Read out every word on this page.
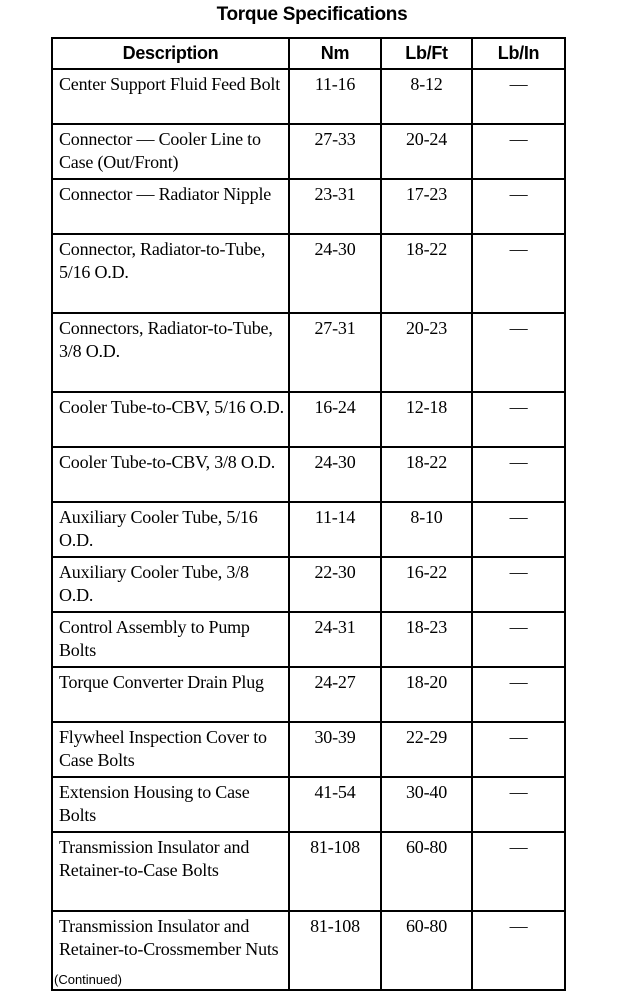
Torque Specifications
Description	Nm	Lb/Ft	Lb/In
Center Support Fluid Feed Bolt	11-16	8-12	—
Connector — Cooler Line to Case (Out/Front)	27-33	20-24	—
Connector — Radiator Nipple	23-31	17-23	—
Connector, Radiator-to-Tube, 5/16 O.D.	24-30	18-22	—
Connectors, Radiator-to-Tube, 3/8 O.D.	27-31	20-23	—
Cooler Tube-to-CBV, 5/16 O.D.	16-24	12-18	—
Cooler Tube-to-CBV, 3/8 O.D.	24-30	18-22	—
Auxiliary Cooler Tube, 5/16 O.D.	11-14	8-10	—
Auxiliary Cooler Tube, 3/8 O.D.	22-30	16-22	—
Control Assembly to Pump Bolts	24-31	18-23	—
Torque Converter Drain Plug	24-27	18-20	—
Flywheel Inspection Cover to Case Bolts	30-39	22-29	—
Extension Housing to Case Bolts	41-54	30-40	—
Transmission Insulator and Retainer-to-Case Bolts	81-108	60-80	—
Transmission Insulator and Retainer-to-Crossmember Nuts	81-108	60-80	—
(Continued)
